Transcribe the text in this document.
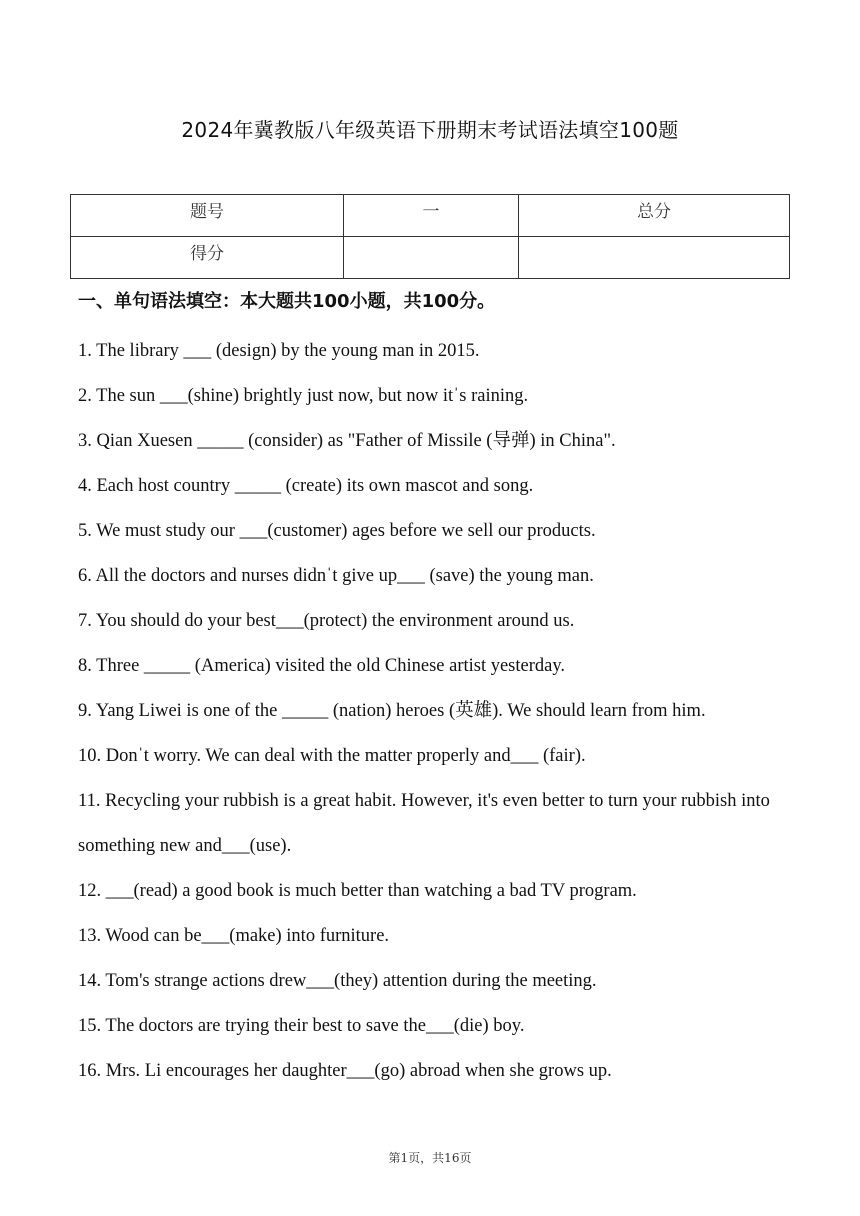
2024年冀教版八年级英语下册期末考试语法填空100题
题号	一	总分
得分		
一、单句语法填空：本大题共100小题，共100分。
1. The library ___ (design) by the young man in 2015.
2. The sun ___(shine) brightly just now, but now itˈs raining.
3. Qian Xuesen _____ (consider) as "Father of Missile (导弹) in China".
4. Each host country _____ (create) its own mascot and song.
5. We must study our ___(customer) ages before we sell our products.
6. All the doctors and nurses didnˈt give up___ (save) the young man.
7. You should do your best___(protect) the environment around us.
8. Three _____ (America) visited the old Chinese artist yesterday.
9. Yang Liwei is one of the _____ (nation) heroes (英雄). We should learn from him.
10. Donˈt worry. We can deal with the matter properly and___ (fair).
11. Recycling your rubbish is a great habit. However, it's even better to turn your rubbish into something new and___(use).
12. ___(read) a good book is much better than watching a bad TV program.
13. Wood can be___(make) into furniture.
14. Tom's strange actions drew___(they) attention during the meeting.
15. The doctors are trying their best to save the___(die) boy.
16. Mrs. Li encourages her daughter___(go) abroad when she grows up.
第1页，共16页
